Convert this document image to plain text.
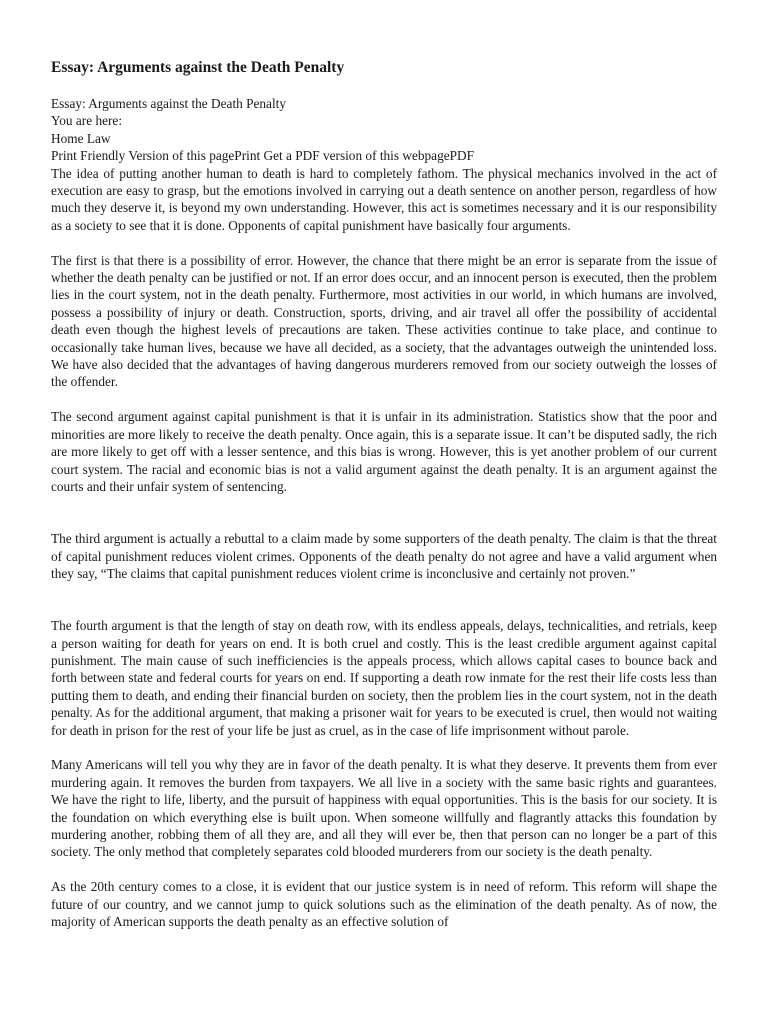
Essay: Arguments against the Death Penalty
Essay: Arguments against the Death Penalty
You are here:
Home Law
Print Friendly Version of this pagePrint Get a PDF version of this webpagePDF

The idea of putting another human to death is hard to completely fathom. The physical mechanics involved in the act of execution are easy to grasp, but the emotions involved in carrying out a death sentence on another person, regardless of how much they deserve it, is beyond my own understanding. However, this act is sometimes necessary and it is our responsibility as a society to see that it is done. Opponents of capital punishment have basically four arguments.

The first is that there is a possibility of error. However, the chance that there might be an error is separate from the issue of whether the death penalty can be justified or not. If an error does occur, and an innocent person is executed, then the problem lies in the court system, not in the death penalty. Furthermore, most activities in our world, in which humans are involved, possess a possibility of injury or death. Construction, sports, driving, and air travel all offer the possibility of accidental death even though the highest levels of precautions are taken. These activities continue to take place, and continue to occasionally take human lives, because we have all decided, as a society, that the advantages outweigh the unintended loss. We have also decided that the advantages of having dangerous murderers removed from our society outweigh the losses of the offender.

The second argument against capital punishment is that it is unfair in its administration. Statistics show that the poor and minorities are more likely to receive the death penalty. Once again, this is a separate issue. It can’t be disputed sadly, the rich are more likely to get off with a lesser sentence, and this bias is wrong. However, this is yet another problem of our current court system. The racial and economic bias is not a valid argument against the death penalty. It is an argument against the courts and their unfair system of sentencing.

The third argument is actually a rebuttal to a claim made by some supporters of the death penalty. The claim is that the threat of capital punishment reduces violent crimes. Opponents of the death penalty do not agree and have a valid argument when they say, “The claims that capital punishment reduces violent crime is inconclusive and certainly not proven.”

The fourth argument is that the length of stay on death row, with its endless appeals, delays, technicalities, and retrials, keep a person waiting for death for years on end. It is both cruel and costly. This is the least credible argument against capital punishment. The main cause of such inefficiencies is the appeals process, which allows capital cases to bounce back and forth between state and federal courts for years on end. If supporting a death row inmate for the rest their life costs less than putting them to death, and ending their financial burden on society, then the problem lies in the court system, not in the death penalty. As for the additional argument, that making a prisoner wait for years to be executed is cruel, then would not waiting for death in prison for the rest of your life be just as cruel, as in the case of life imprisonment without parole.

Many Americans will tell you why they are in favor of the death penalty. It is what they deserve. It prevents them from ever murdering again. It removes the burden from taxpayers. We all live in a society with the same basic rights and guarantees. We have the right to life, liberty, and the pursuit of happiness with equal opportunities. This is the basis for our society. It is the foundation on which everything else is built upon. When someone willfully and flagrantly attacks this foundation by murdering another, robbing them of all they are, and all they will ever be, then that person can no longer be a part of this society. The only method that completely separates cold blooded murderers from our society is the death penalty.

As the 20th century comes to a close, it is evident that our justice system is in need of reform. This reform will shape the future of our country, and we cannot jump to quick solutions such as the elimination of the death penalty. As of now, the majority of American supports the death penalty as an effective solution of
